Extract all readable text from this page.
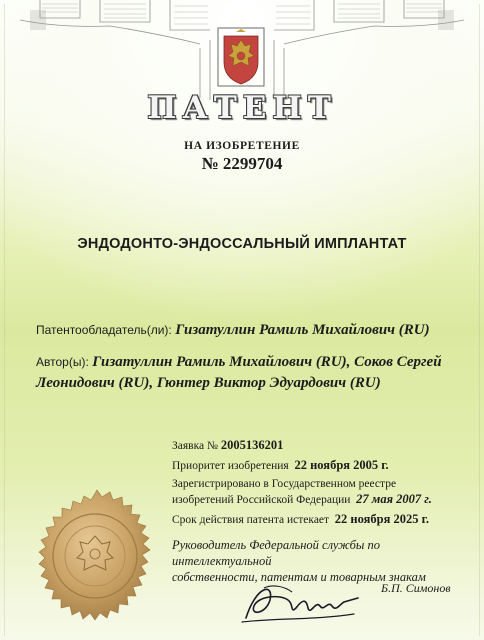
ПАТЕНТ
НА ИЗОБРЕТЕНИЕ
№ 2299704
ЭНДОДОНТО-ЭНДОССАЛЬНЫЙ ИМПЛАНТАТ
Патентообладатель(ли): Гизатуллин Рамиль Михайлович (RU)
Автор(ы): Гизатуллин Рамиль Михайлович (RU), Соков Сергей Леонидович (RU), Гюнтер Виктор Эдуардович (RU)
Заявка № 2005136201
Приоритет изобретения 22 ноября 2005 г.
Зарегистрировано в Государственном реестре
изобретений Российской Федерации 27 мая 2007 г.
Срок действия патента истекает 22 ноября 2025 г.
Руководитель Федеральной службы по интеллектуальной
собственности, патентам и товарным знакам
Б.П. Симонов
